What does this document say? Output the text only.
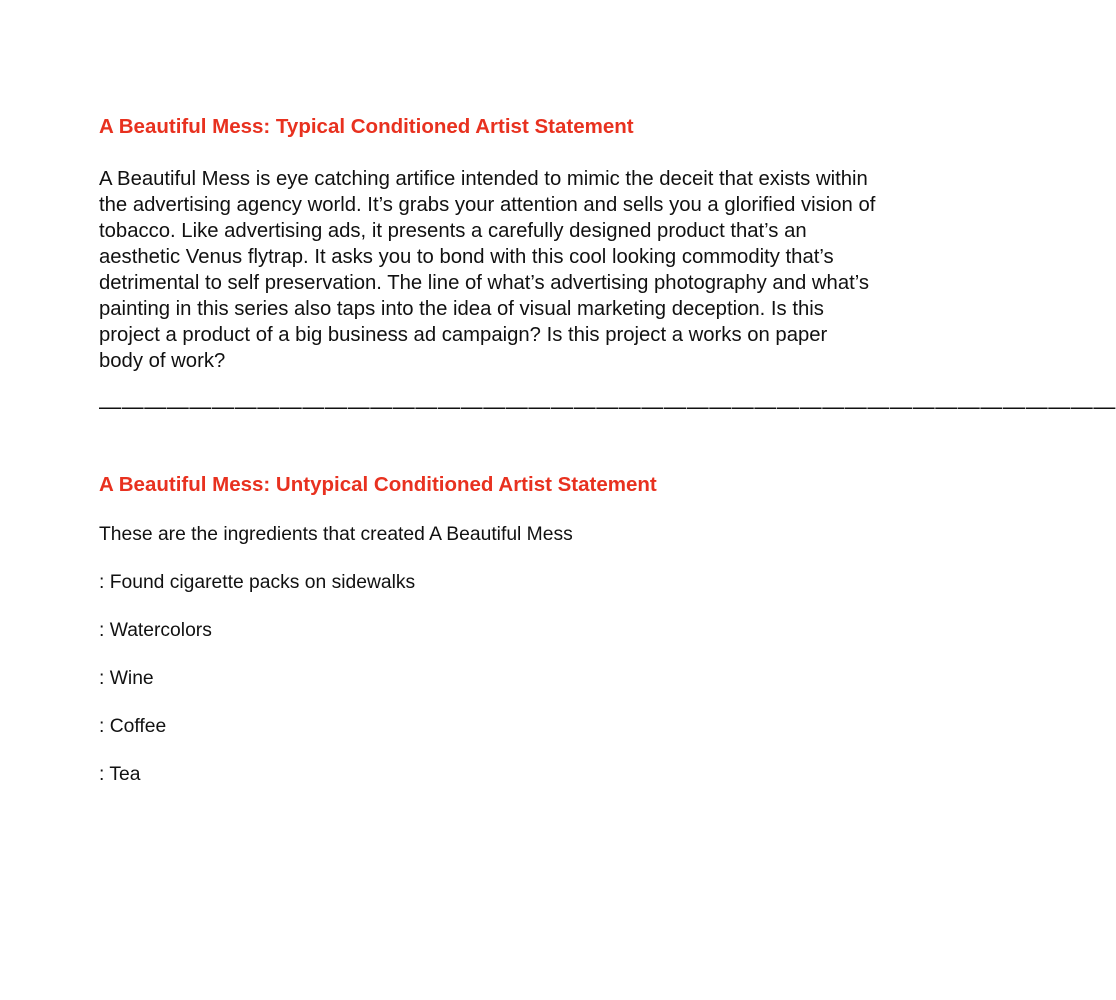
A Beautiful Mess: Typical Conditioned Artist Statement
A Beautiful Mess is eye catching artifice intended to mimic the deceit that exists within
the advertising agency world. It’s grabs your attention and sells you a glorified vision of
tobacco. Like advertising ads, it presents a carefully designed product that’s an
aesthetic Venus flytrap. It asks you to bond with this cool looking commodity that’s
detrimental to self preservation. The line of what’s advertising photography and what’s
painting in this series also taps into the idea of visual marketing deception. Is this
project a product of a big business ad campaign? Is this project a works on paper
body of work?
—————————————————————————————————————————————
A Beautiful Mess: Untypical Conditioned Artist Statement

These are the ingredients that created A Beautiful Mess

: Found cigarette packs on sidewalks
: Watercolors
: Wine
: Coffee
: Tea
